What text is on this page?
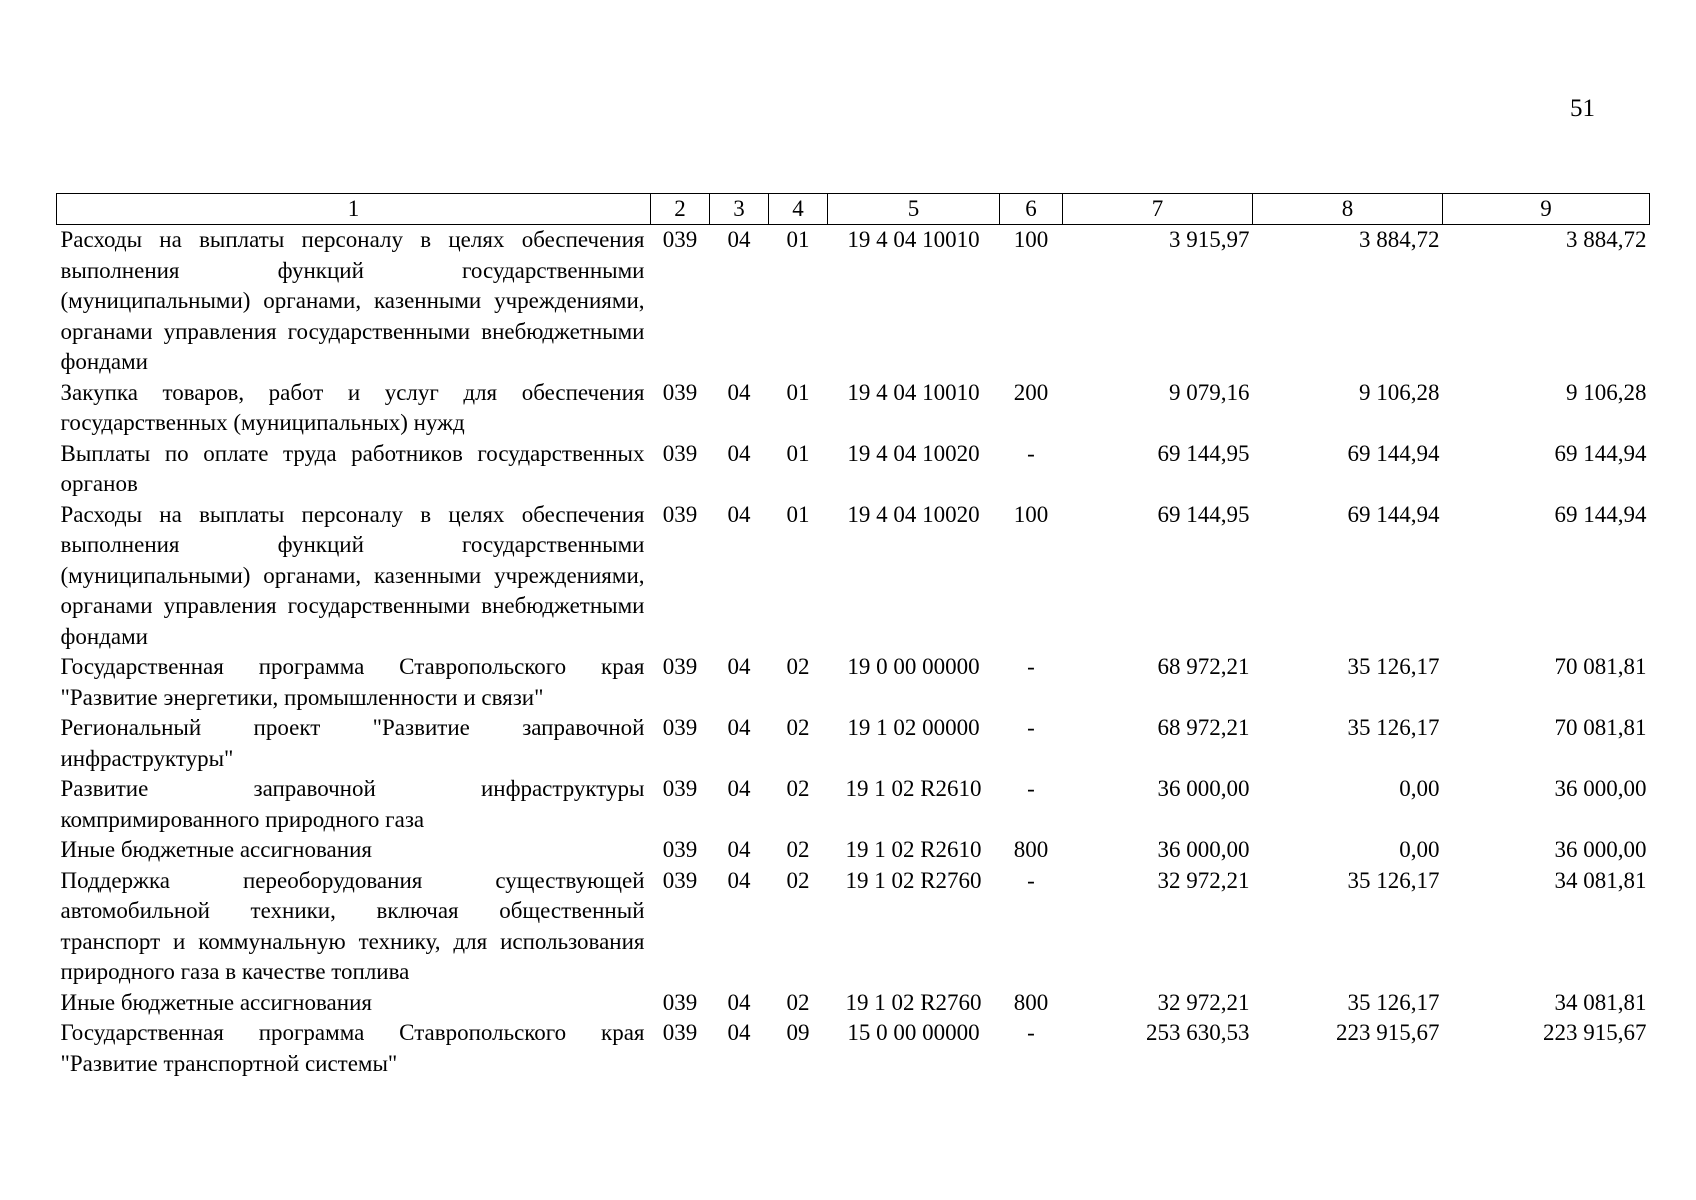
51
1	2	3	4	5	6	7	8	9
Расходы на выплаты персоналу в целях обеспечения выполнения функций государственными (муниципальными) органами, казенными учреждениями, органами управления государственными внебюджетными фондами	039	04	01	19 4 04 10010	100	3 915,97	3 884,72	3 884,72
Закупка товаров, работ и услуг для обеспечения государственных (муниципальных) нужд	039	04	01	19 4 04 10010	200	9 079,16	9 106,28	9 106,28
Выплаты по оплате труда работников государственных органов	039	04	01	19 4 04 10020	-	69 144,95	69 144,94	69 144,94
Расходы на выплаты персоналу в целях обеспечения выполнения функций государственными (муниципальными) органами, казенными учреждениями, органами управления государственными внебюджетными фондами	039	04	01	19 4 04 10020	100	69 144,95	69 144,94	69 144,94
Государственная программа Ставропольского края "Развитие энергетики, промышленности и связи"	039	04	02	19 0 00 00000	-	68 972,21	35 126,17	70 081,81
Региональный проект "Развитие заправочной инфраструктуры"	039	04	02	19 1 02 00000	-	68 972,21	35 126,17	70 081,81
Развитие заправочной инфраструктуры компримированного природного газа	039	04	02	19 1 02 R2610	-	36 000,00	0,00	36 000,00
Иные бюджетные ассигнования	039	04	02	19 1 02 R2610	800	36 000,00	0,00	36 000,00
Поддержка переоборудования существующей автомобильной техники, включая общественный транспорт и коммунальную технику, для использования природного газа в качестве топлива	039	04	02	19 1 02 R2760	-	32 972,21	35 126,17	34 081,81
Иные бюджетные ассигнования	039	04	02	19 1 02 R2760	800	32 972,21	35 126,17	34 081,81
Государственная программа Ставропольского края "Развитие транспортной системы"	039	04	09	15 0 00 00000	-	253 630,53	223 915,67	223 915,67
